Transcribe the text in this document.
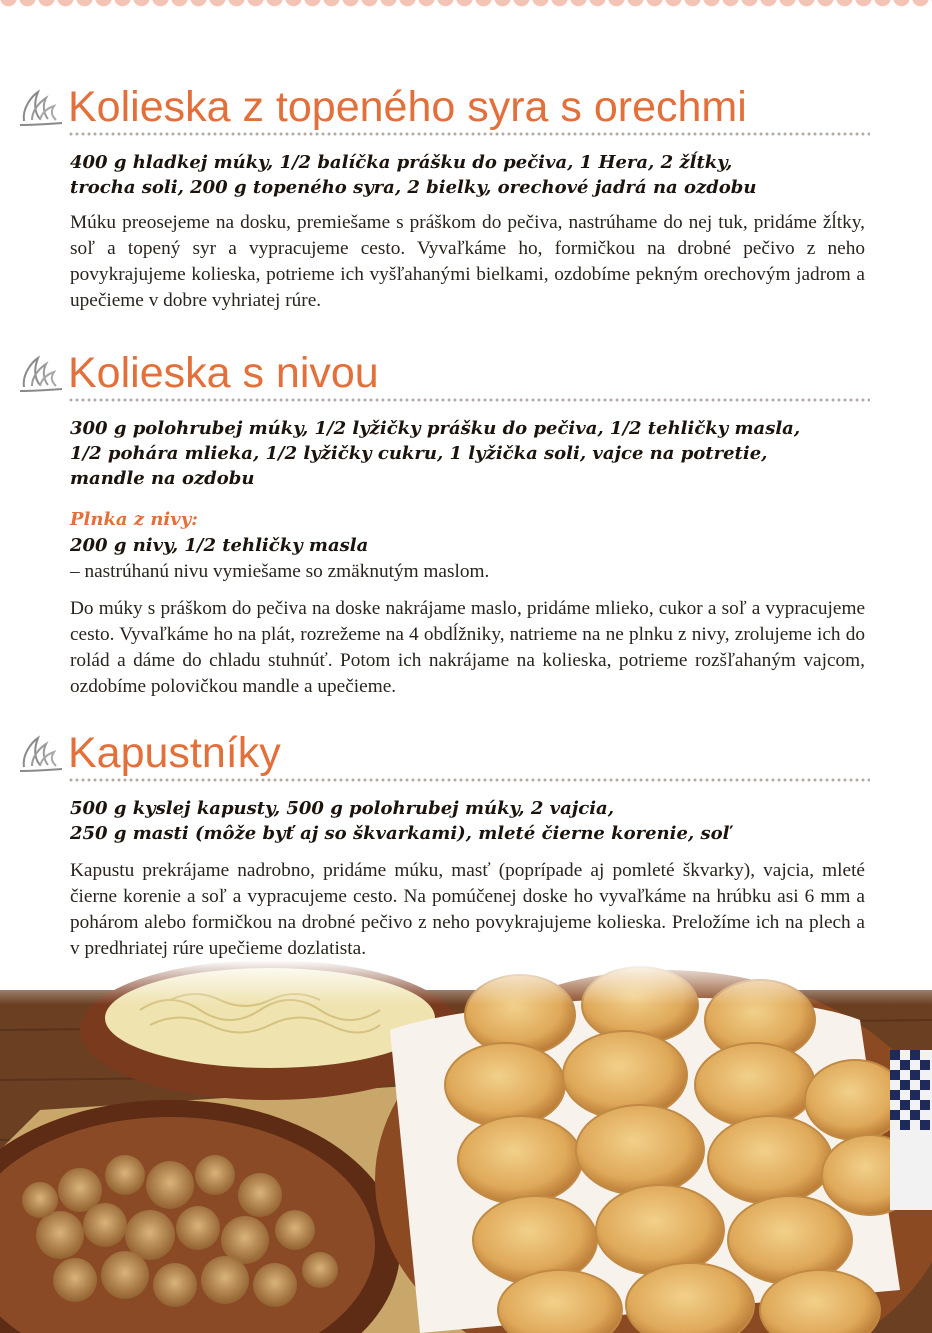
Kolieska z topeného syra s orechmi
400 g hladkej múky, 1/2 balíčka prášku do pečiva, 1 Hera, 2 žĺtky,
trocha soli, 200 g topeného syra, 2 bielky, orechové jadrá na ozdobu
Múku preosejeme na dosku, premiešame s práškom do pečiva, nastrúhame do nej tuk, pridáme žĺtky, soľ a topený syr a vypracujeme cesto. Vyvaľkáme ho, formičkou na drobné pečivo z neho povykrajujeme kolieska, potrieme ich vyšľahanými bielkami, ozdobíme pekným orechovým jadrom a upečieme v dobre vyhriatej rúre.
Kolieska s nivou
300 g polohrubej múky, 1/2 lyžičky prášku do pečiva, 1/2 tehličky masla,
1/2 pohára mlieka, 1/2 lyžičky cukru, 1 lyžička soli, vajce na potretie,
mandle na ozdobu
Plnka z nivy:
200 g nivy, 1/2 tehličky masla
– nastrúhanú nivu vymiešame so zmäknutým maslom.
Do múky s práškom do pečiva na doske nakrájame maslo, pridáme mlieko, cukor a soľ a vypracujeme cesto. Vyvaľkáme ho na plát, rozrežeme na 4 obdĺžniky, natrieme na ne plnku z nivy, zrolujeme ich do rolád a dáme do chladu stuhnúť. Potom ich nakrájame na kolieska, potrieme rozšľahaným vajcom, ozdobíme polovičkou mandle a upečieme.
Kapustníky
500 g kyslej kapusty, 500 g polohrubej múky, 2 vajcia,
250 g masti (môže byť aj so škvarkami), mleté čierne korenie, soľ
Kapustu prekrájame nadrobno, pridáme múku, masť (poprípade aj pomleté škvarky), vajcia, mleté čierne korenie a soľ a vypracujeme cesto. Na pomúčenej doske ho vyvaľkáme na hrúbku asi 6 mm a pohárom alebo formičkou na drobné pečivo z neho povykrajujeme kolieska. Preložíme ich na plech a v predhriatej rúre upečieme dozlatista.
